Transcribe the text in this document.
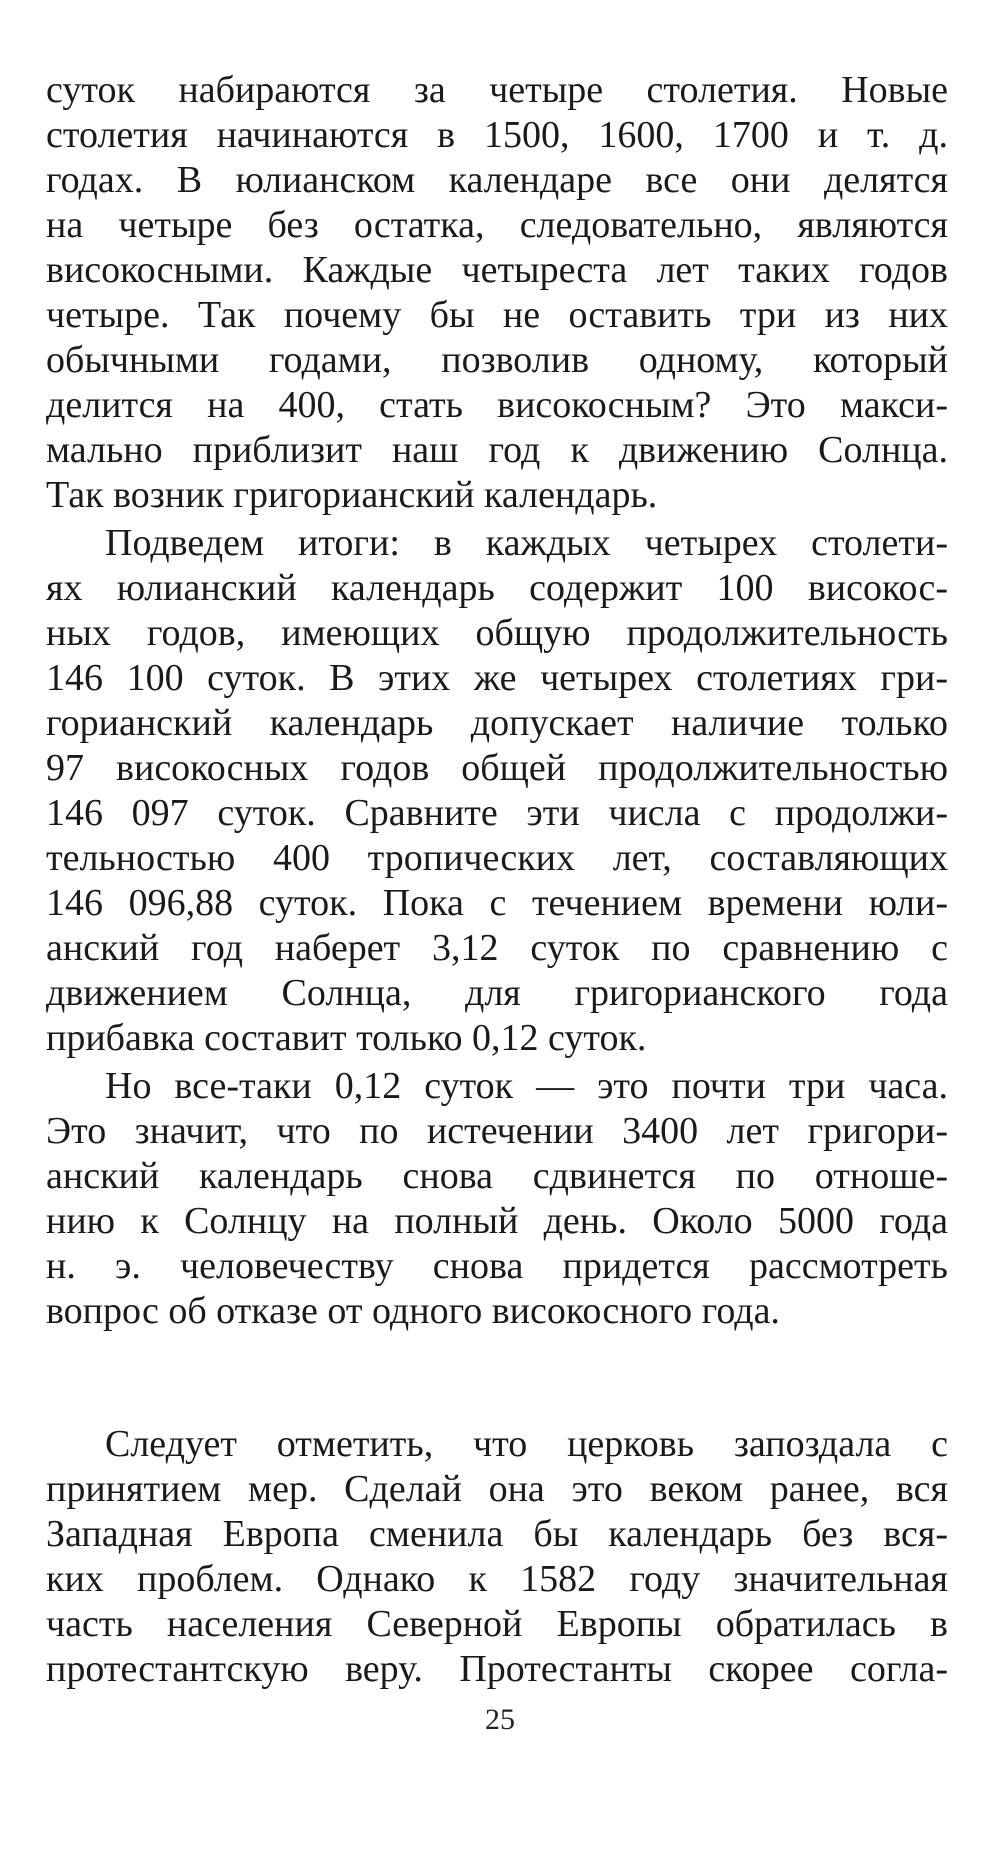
суток набираются за четыре столетия. Новые
столетия начинаются в 1500, 1600, 1700 и т. д.
годах. В юлианском календаре все они делятся
на четыре без остатка, следовательно, являются
високосными. Каждые четыреста лет таких годов
четыре. Так почему бы не оставить три из них
обычными годами, позволив одному, который
делится на 400, стать високосным? Это макси-
мально приблизит наш год к движению Солнца.
Так возник григорианский календарь.
Подведем итоги: в каждых четырех столети-
ях юлианский календарь содержит 100 високос-
ных годов, имеющих общую продолжительность
146 100 суток. В этих же четырех столетиях гри-
горианский календарь допускает наличие только
97 високосных годов общей продолжительностью
146 097 суток. Сравните эти числа с продолжи-
тельностью 400 тропических лет, составляющих
146 096,88 суток. Пока с течением времени юли-
анский год наберет 3,12 суток по сравнению с
движением Солнца, для григорианского года
прибавка составит только 0,12 суток.
Но все-таки 0,12 суток — это почти три часа.
Это значит, что по истечении 3400 лет григори-
анский календарь снова сдвинется по отноше-
нию к Солнцу на полный день. Около 5000 года
н. э. человечеству снова придется рассмотреть
вопрос об отказе от одного високосного года.
Следует отметить, что церковь запоздала с
принятием мер. Сделай она это веком ранее, вся
Западная Европа сменила бы календарь без вся-
ких проблем. Однако к 1582 году значительная
часть населения Северной Европы обратилась в
протестантскую веру. Протестанты скорее согла-
25
